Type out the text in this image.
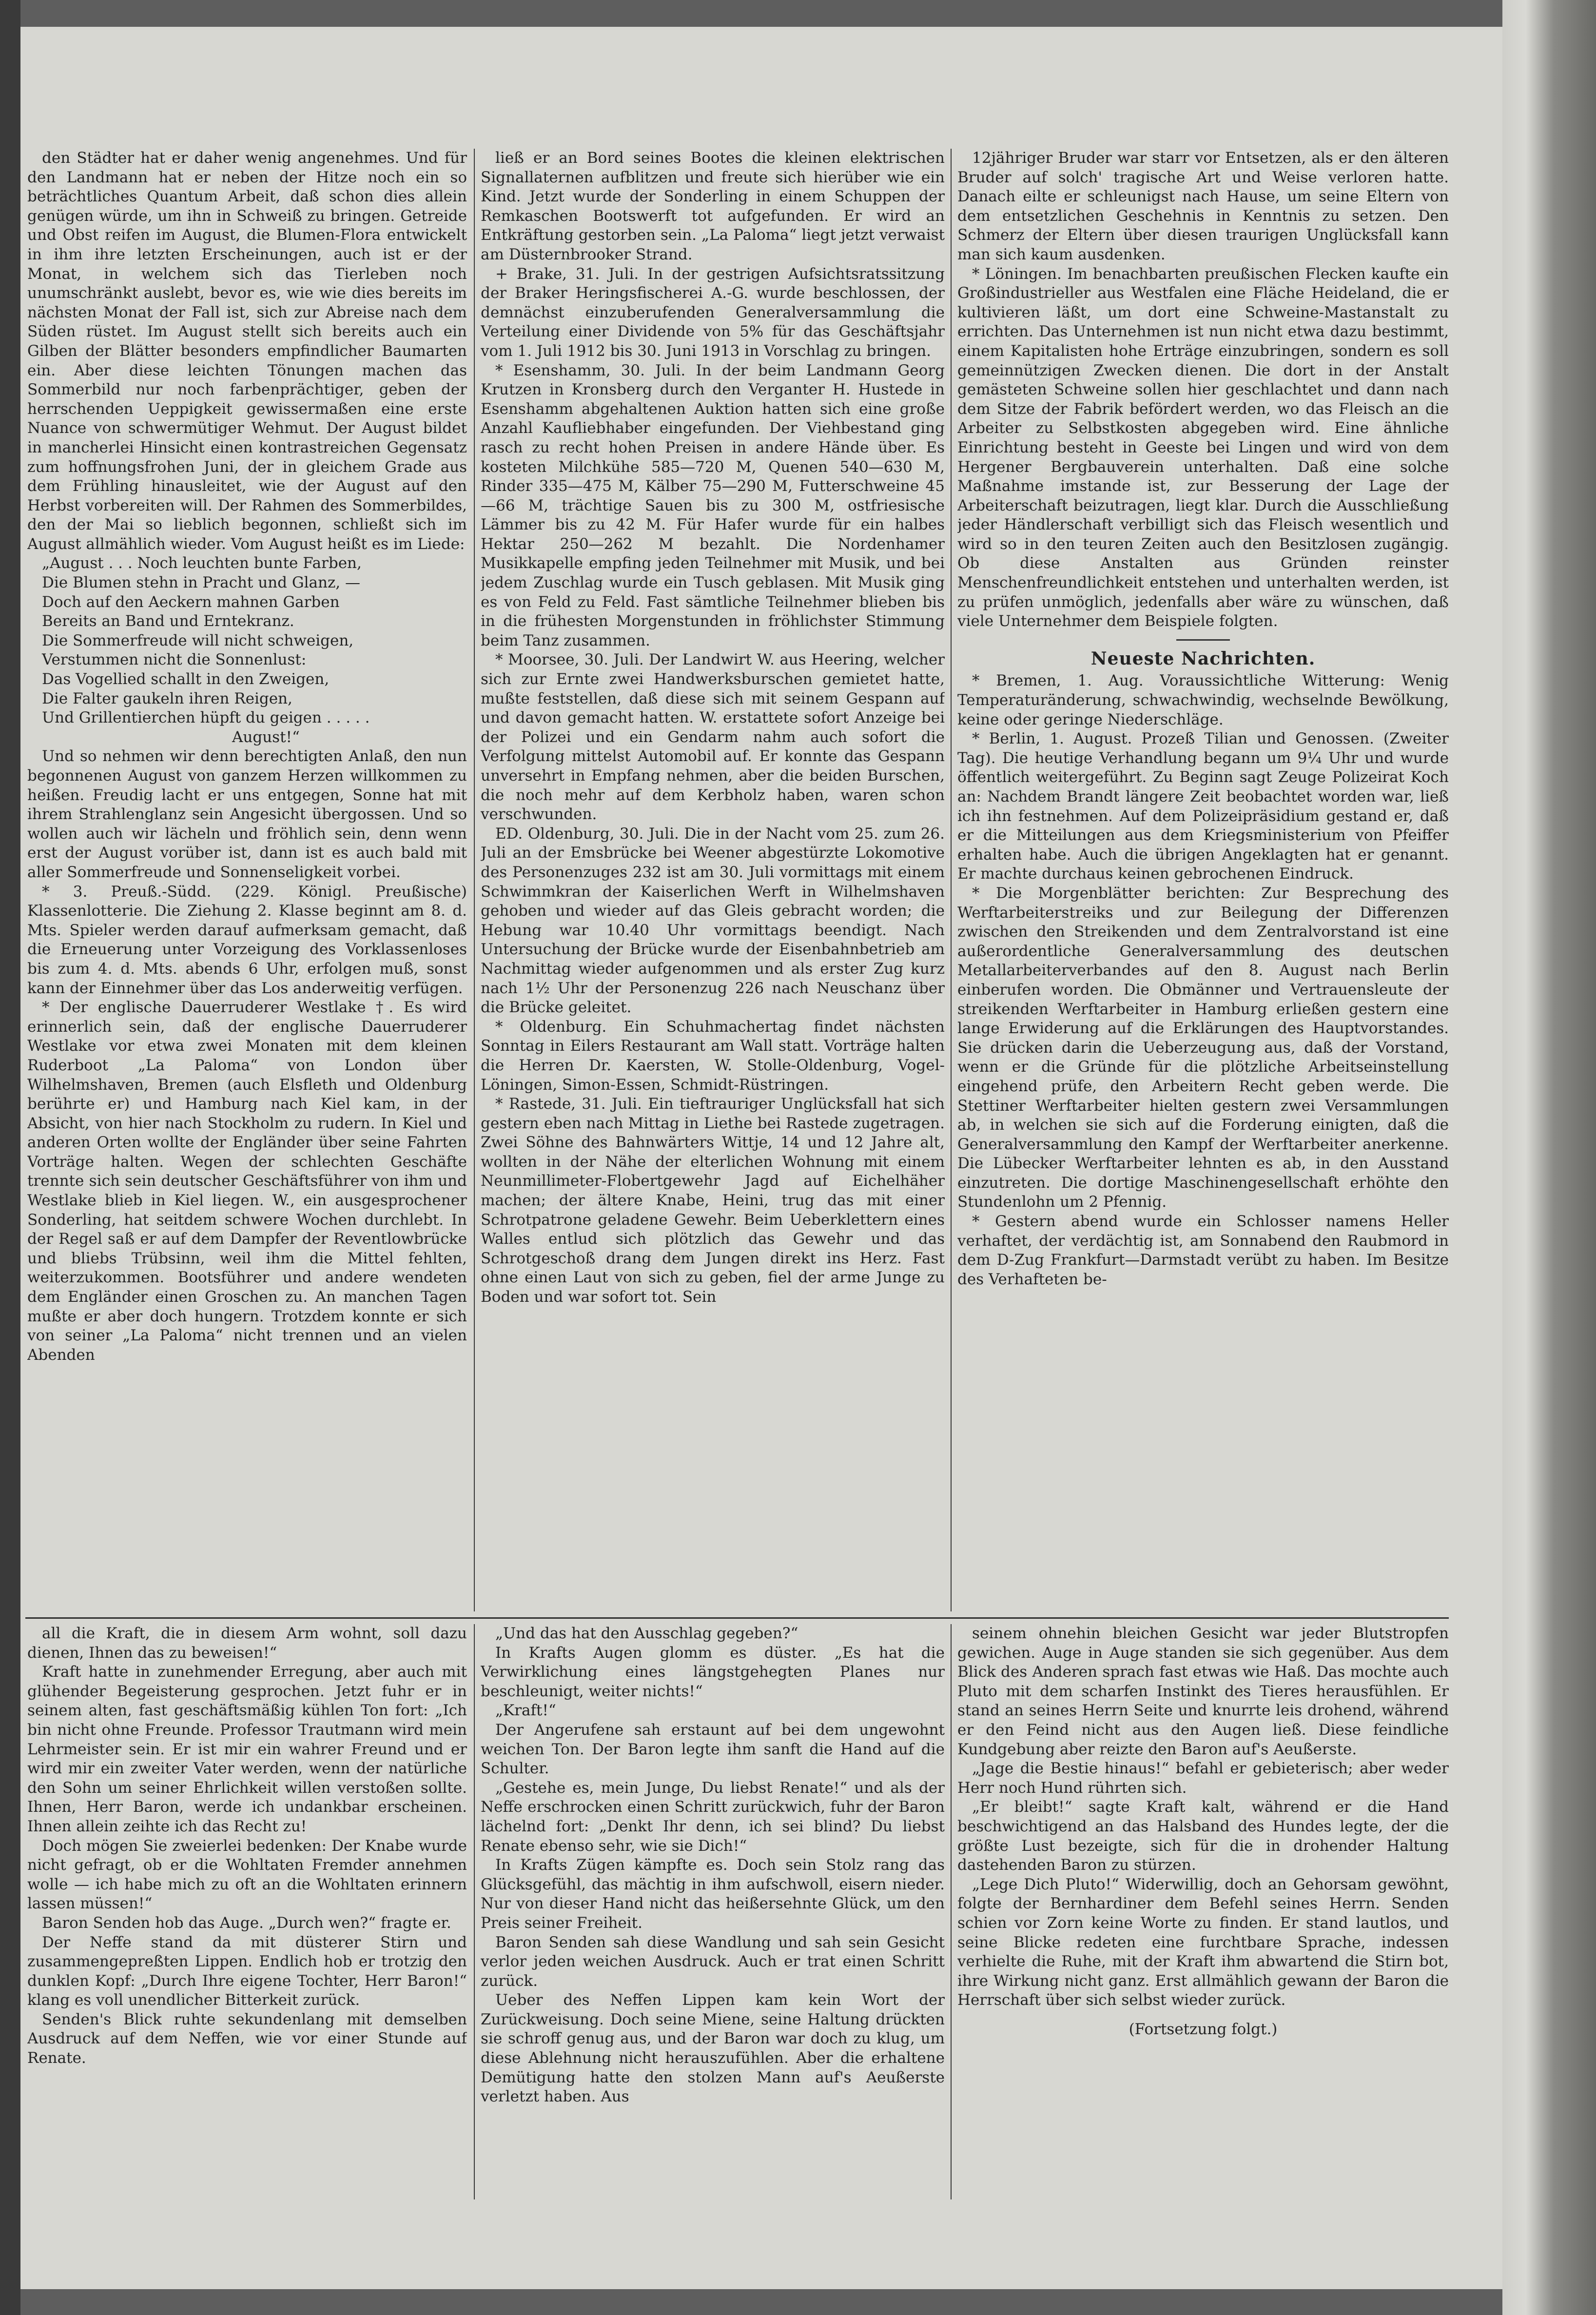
den Städter hat er daher wenig angenehmes. Und für den Landmann hat er neben der Hitze noch ein so beträchtliches Quantum Arbeit, daß schon dies allein genügen würde, um ihn in Schweiß zu bringen. Getreide und Obst reifen im August, die Blumen-Flora entwickelt in ihm ihre letzten Erscheinungen, auch ist er der Monat, in welchem sich das Tierleben noch unumschränkt auslebt, bevor es, wie wie dies bereits im nächsten Monat der Fall ist, sich zur Abreise nach dem Süden rüstet. Im August stellt sich bereits auch ein Gilben der Blätter besonders empfindlicher Baumarten ein. Aber diese leichten Tönungen machen das Sommerbild nur noch farbenprächtiger, geben der herrschenden Ueppigkeit gewissermaßen eine erste Nuance von schwermütiger Wehmut. Der August bildet in mancherlei Hinsicht einen kontrastreichen Gegensatz zum hoffnungsfrohen Juni, der in gleichem Grade aus dem Frühling hinausleitet, wie der August auf den Herbst vorbereiten will. Der Rahmen des Sommerbildes, den der Mai so lieblich begonnen, schließt sich im August allmählich wieder. Vom August heißt es im Liede:

„August . . . Noch leuchten bunte Farben,

Die Blumen stehn in Pracht und Glanz, —

Doch auf den Aeckern mahnen Garben

Bereits an Band und Erntekranz.

Die Sommerfreude will nicht schweigen,

Verstummen nicht die Sonnenlust:

Das Vogellied schallt in den Zweigen,

Die Falter gaukeln ihren Reigen,

Und Grillentierchen hüpft du geigen . . . . .

August!“

Und so nehmen wir denn berechtigten Anlaß, den nun begonnenen August von ganzem Herzen willkommen zu heißen. Freudig lacht er uns entgegen, Sonne hat mit ihrem Strahlenglanz sein Angesicht übergossen. Und so wollen auch wir lächeln und fröhlich sein, denn wenn erst der August vorüber ist, dann ist es auch bald mit aller Sommerfreude und Sonnenseligkeit vorbei.

* 3. Preuß.-Südd. (229. Königl. Preußische) Klassenlotterie. Die Ziehung 2. Klasse beginnt am 8. d. Mts. Spieler werden darauf aufmerksam gemacht, daß die Erneuerung unter Vorzeigung des Vorklassenloses bis zum 4. d. Mts. abends 6 Uhr, erfolgen muß, sonst kann der Einnehmer über das Los anderweitig verfügen.

* Der englische Dauerruderer Westlake †. Es wird erinnerlich sein, daß der englische Dauerruderer Westlake vor etwa zwei Monaten mit dem kleinen Ruderboot „La Paloma“ von London über Wilhelmshaven, Bremen (auch Elsfleth und Oldenburg berührte er) und Hamburg nach Kiel kam, in der Absicht, von hier nach Stockholm zu rudern. In Kiel und anderen Orten wollte der Engländer über seine Fahrten Vorträge halten. Wegen der schlechten Geschäfte trennte sich sein deutscher Geschäftsführer von ihm und Westlake blieb in Kiel liegen. W., ein ausgesprochener Sonderling, hat seitdem schwere Wochen durchlebt. In der Regel saß er auf dem Dampfer der Reventlowbrücke und bliebs Trübsinn, weil ihm die Mittel fehlten, weiterzukommen. Bootsführer und andere wendeten dem Engländer einen Groschen zu. An manchen Tagen mußte er aber doch hungern. Trotzdem konnte er sich von seiner „La Paloma“ nicht trennen und an vielen Abenden

ließ er an Bord seines Bootes die kleinen elektrischen Signallaternen aufblitzen und freute sich hierüber wie ein Kind. Jetzt wurde der Sonderling in einem Schuppen der Remkaschen Bootswerft tot aufgefunden. Er wird an Entkräftung gestorben sein. „La Paloma“ liegt jetzt verwaist am Düsternbrooker Strand.

+ Brake, 31. Juli. In der gestrigen Aufsichtsratssitzung der Braker Heringsfischerei A.-G. wurde beschlossen, der demnächst einzuberufenden Generalversammlung die Verteilung einer Dividende von 5% für das Geschäftsjahr vom 1. Juli 1912 bis 30. Juni 1913 in Vorschlag zu bringen.

* Esenshamm, 30. Juli. In der beim Landmann Georg Krutzen in Kronsberg durch den Verganter H. Hustede in Esenshamm abgehaltenen Auktion hatten sich eine große Anzahl Kaufliebhaber eingefunden. Der Viehbestand ging rasch zu recht hohen Preisen in andere Hände über. Es kosteten Milchkühe 585—720 M, Quenen 540—630 M, Rinder 335—475 M, Kälber 75—290 M, Futterschweine 45—66 M, trächtige Sauen bis zu 300 M, ostfriesische Lämmer bis zu 42 M. Für Hafer wurde für ein halbes Hektar 250—262 M bezahlt. Die Nordenhamer Musikkapelle empfing jeden Teilnehmer mit Musik, und bei jedem Zuschlag wurde ein Tusch geblasen. Mit Musik ging es von Feld zu Feld. Fast sämtliche Teilnehmer blieben bis in die frühesten Morgenstunden in fröhlichster Stimmung beim Tanz zusammen.

* Moorsee, 30. Juli. Der Landwirt W. aus Heering, welcher sich zur Ernte zwei Handwerksburschen gemietet hatte, mußte feststellen, daß diese sich mit seinem Gespann auf und davon gemacht hatten. W. erstattete sofort Anzeige bei der Polizei und ein Gendarm nahm auch sofort die Verfolgung mittelst Automobil auf. Er konnte das Gespann unversehrt in Empfang nehmen, aber die beiden Burschen, die noch mehr auf dem Kerbholz haben, waren schon verschwunden.

ED. Oldenburg, 30. Juli. Die in der Nacht vom 25. zum 26. Juli an der Emsbrücke bei Weener abgestürzte Lokomotive des Personenzuges 232 ist am 30. Juli vormittags mit einem Schwimmkran der Kaiserlichen Werft in Wilhelmshaven gehoben und wieder auf das Gleis gebracht worden; die Hebung war 10.40 Uhr vormittags beendigt. Nach Untersuchung der Brücke wurde der Eisenbahnbetrieb am Nachmittag wieder aufgenommen und als erster Zug kurz nach 1½ Uhr der Personenzug 226 nach Neuschanz über die Brücke geleitet.

* Oldenburg. Ein Schuhmachertag findet nächsten Sonntag in Eilers Restaurant am Wall statt. Vorträge halten die Herren Dr. Kaersten, W. Stolle-Oldenburg, Vogel-Löningen, Simon-Essen, Schmidt-Rüstringen.

* Rastede, 31. Juli. Ein tieftrauriger Unglücksfall hat sich gestern eben nach Mittag in Liethe bei Rastede zugetragen. Zwei Söhne des Bahnwärters Wittje, 14 und 12 Jahre alt, wollten in der Nähe der elterlichen Wohnung mit einem Neunmillimeter-Flobertgewehr Jagd auf Eichelhäher machen; der ältere Knabe, Heini, trug das mit einer Schrotpatrone geladene Gewehr. Beim Ueberklettern eines Walles entlud sich plötzlich das Gewehr und das Schrotgeschoß drang dem Jungen direkt ins Herz. Fast ohne einen Laut von sich zu geben, fiel der arme Junge zu Boden und war sofort tot. Sein

12jähriger Bruder war starr vor Entsetzen, als er den älteren Bruder auf solch' tragische Art und Weise verloren hatte. Danach eilte er schleunigst nach Hause, um seine Eltern von dem entsetzlichen Geschehnis in Kenntnis zu setzen. Den Schmerz der Eltern über diesen traurigen Unglücksfall kann man sich kaum ausdenken.

* Löningen. Im benachbarten preußischen Flecken kaufte ein Großindustrieller aus Westfalen eine Fläche Heideland, die er kultivieren läßt, um dort eine Schweine-Mastanstalt zu errichten. Das Unternehmen ist nun nicht etwa dazu bestimmt, einem Kapitalisten hohe Erträge einzubringen, sondern es soll gemeinnützigen Zwecken dienen. Die dort in der Anstalt gemästeten Schweine sollen hier geschlachtet und dann nach dem Sitze der Fabrik befördert werden, wo das Fleisch an die Arbeiter zu Selbstkosten abgegeben wird. Eine ähnliche Einrichtung besteht in Geeste bei Lingen und wird von dem Hergener Bergbauverein unterhalten. Daß eine solche Maßnahme imstande ist, zur Besserung der Lage der Arbeiterschaft beizutragen, liegt klar. Durch die Ausschließung jeder Händlerschaft verbilligt sich das Fleisch wesentlich und wird so in den teuren Zeiten auch den Besitzlosen zugängig. Ob diese Anstalten aus Gründen reinster Menschenfreundlichkeit entstehen und unterhalten werden, ist zu prüfen unmöglich, jedenfalls aber wäre zu wünschen, daß viele Unternehmer dem Beispiele folgten.

Neueste Nachrichten.

* Bremen, 1. Aug. Voraussichtliche Witterung: Wenig Temperaturänderung, schwachwindig, wechselnde Bewölkung, keine oder geringe Niederschläge.

* Berlin, 1. August. Prozeß Tilian und Genossen. (Zweiter Tag). Die heutige Verhandlung begann um 9¼ Uhr und wurde öffentlich weitergeführt. Zu Beginn sagt Zeuge Polizeirat Koch an: Nachdem Brandt längere Zeit beobachtet worden war, ließ ich ihn festnehmen. Auf dem Polizeipräsidium gestand er, daß er die Mitteilungen aus dem Kriegsministerium von Pfeiffer erhalten habe. Auch die übrigen Angeklagten hat er genannt. Er machte durchaus keinen gebrochenen Eindruck.

* Die Morgenblätter berichten: Zur Besprechung des Werftarbeiterstreiks und zur Beilegung der Differenzen zwischen den Streikenden und dem Zentralvorstand ist eine außerordentliche Generalversammlung des deutschen Metallarbeiterverbandes auf den 8. August nach Berlin einberufen worden. Die Obmänner und Vertrauensleute der streikenden Werftarbeiter in Hamburg erließen gestern eine lange Erwiderung auf die Erklärungen des Hauptvorstandes. Sie drücken darin die Ueberzeugung aus, daß der Vorstand, wenn er die Gründe für die plötzliche Arbeitseinstellung eingehend prüfe, den Arbeitern Recht geben werde. Die Stettiner Werftarbeiter hielten gestern zwei Versammlungen ab, in welchen sie sich auf die Forderung einigten, daß die Generalversammlung den Kampf der Werftarbeiter anerkenne. Die Lübecker Werftarbeiter lehnten es ab, in den Ausstand einzutreten. Die dortige Maschinengesellschaft erhöhte den Stundenlohn um 2 Pfennig.

* Gestern abend wurde ein Schlosser namens Heller verhaftet, der verdächtig ist, am Sonnabend den Raubmord in dem D-Zug Frankfurt—Darmstadt verübt zu haben. Im Besitze des Verhafteten be-

all die Kraft, die in diesem Arm wohnt, soll dazu dienen, Ihnen das zu beweisen!“

Kraft hatte in zunehmender Erregung, aber auch mit glühender Begeisterung gesprochen. Jetzt fuhr er in seinem alten, fast geschäftsmäßig kühlen Ton fort: „Ich bin nicht ohne Freunde. Professor Trautmann wird mein Lehrmeister sein. Er ist mir ein wahrer Freund und er wird mir ein zweiter Vater werden, wenn der natürliche den Sohn um seiner Ehrlichkeit willen verstoßen sollte. Ihnen, Herr Baron, werde ich undankbar erscheinen. Ihnen allein zeihte ich das Recht zu!

Doch mögen Sie zweierlei bedenken: Der Knabe wurde nicht gefragt, ob er die Wohltaten Fremder annehmen wolle — ich habe mich zu oft an die Wohltaten erinnern lassen müssen!“

Baron Senden hob das Auge. „Durch wen?“ fragte er.

Der Neffe stand da mit düsterer Stirn und zusammengepreßten Lippen. Endlich hob er trotzig den dunklen Kopf: „Durch Ihre eigene Tochter, Herr Baron!“ klang es voll unendlicher Bitterkeit zurück.

Senden's Blick ruhte sekundenlang mit demselben Ausdruck auf dem Neffen, wie vor einer Stunde auf Renate.

„Und das hat den Ausschlag gegeben?“

In Krafts Augen glomm es düster. „Es hat die Verwirklichung eines längstgehegten Planes nur beschleunigt, weiter nichts!“

„Kraft!“

Der Angerufene sah erstaunt auf bei dem ungewohnt weichen Ton. Der Baron legte ihm sanft die Hand auf die Schulter.

„Gestehe es, mein Junge, Du liebst Renate!“ und als der Neffe erschrocken einen Schritt zurückwich, fuhr der Baron lächelnd fort: „Denkt Ihr denn, ich sei blind? Du liebst Renate ebenso sehr, wie sie Dich!“

In Krafts Zügen kämpfte es. Doch sein Stolz rang das Glücksgefühl, das mächtig in ihm aufschwoll, eisern nieder. Nur von dieser Hand nicht das heißersehnte Glück, um den Preis seiner Freiheit.

Baron Senden sah diese Wandlung und sah sein Gesicht verlor jeden weichen Ausdruck. Auch er trat einen Schritt zurück.

Ueber des Neffen Lippen kam kein Wort der Zurückweisung. Doch seine Miene, seine Haltung drückten sie schroff genug aus, und der Baron war doch zu klug, um diese Ablehnung nicht herauszufühlen. Aber die erhaltene Demütigung hatte den stolzen Mann auf's Aeußerste verletzt haben. Aus

seinem ohnehin bleichen Gesicht war jeder Blutstropfen gewichen. Auge in Auge standen sie sich gegenüber. Aus dem Blick des Anderen sprach fast etwas wie Haß. Das mochte auch Pluto mit dem scharfen Instinkt des Tieres herausfühlen. Er stand an seines Herrn Seite und knurrte leis drohend, während er den Feind nicht aus den Augen ließ. Diese feindliche Kundgebung aber reizte den Baron auf's Aeußerste.

„Jage die Bestie hinaus!“ befahl er gebieterisch; aber weder Herr noch Hund rührten sich.

„Er bleibt!“ sagte Kraft kalt, während er die Hand beschwichtigend an das Halsband des Hundes legte, der die größte Lust bezeigte, sich für die in drohender Haltung dastehenden Baron zu stürzen.

„Lege Dich Pluto!“ Widerwillig, doch an Gehorsam gewöhnt, folgte der Bernhardiner dem Befehl seines Herrn. Senden schien vor Zorn keine Worte zu finden. Er stand lautlos, und seine Blicke redeten eine furchtbare Sprache, indessen verhielte die Ruhe, mit der Kraft ihm abwartend die Stirn bot, ihre Wirkung nicht ganz. Erst allmählich gewann der Baron die Herrschaft über sich selbst wieder zurück.

(Fortsetzung folgt.)
